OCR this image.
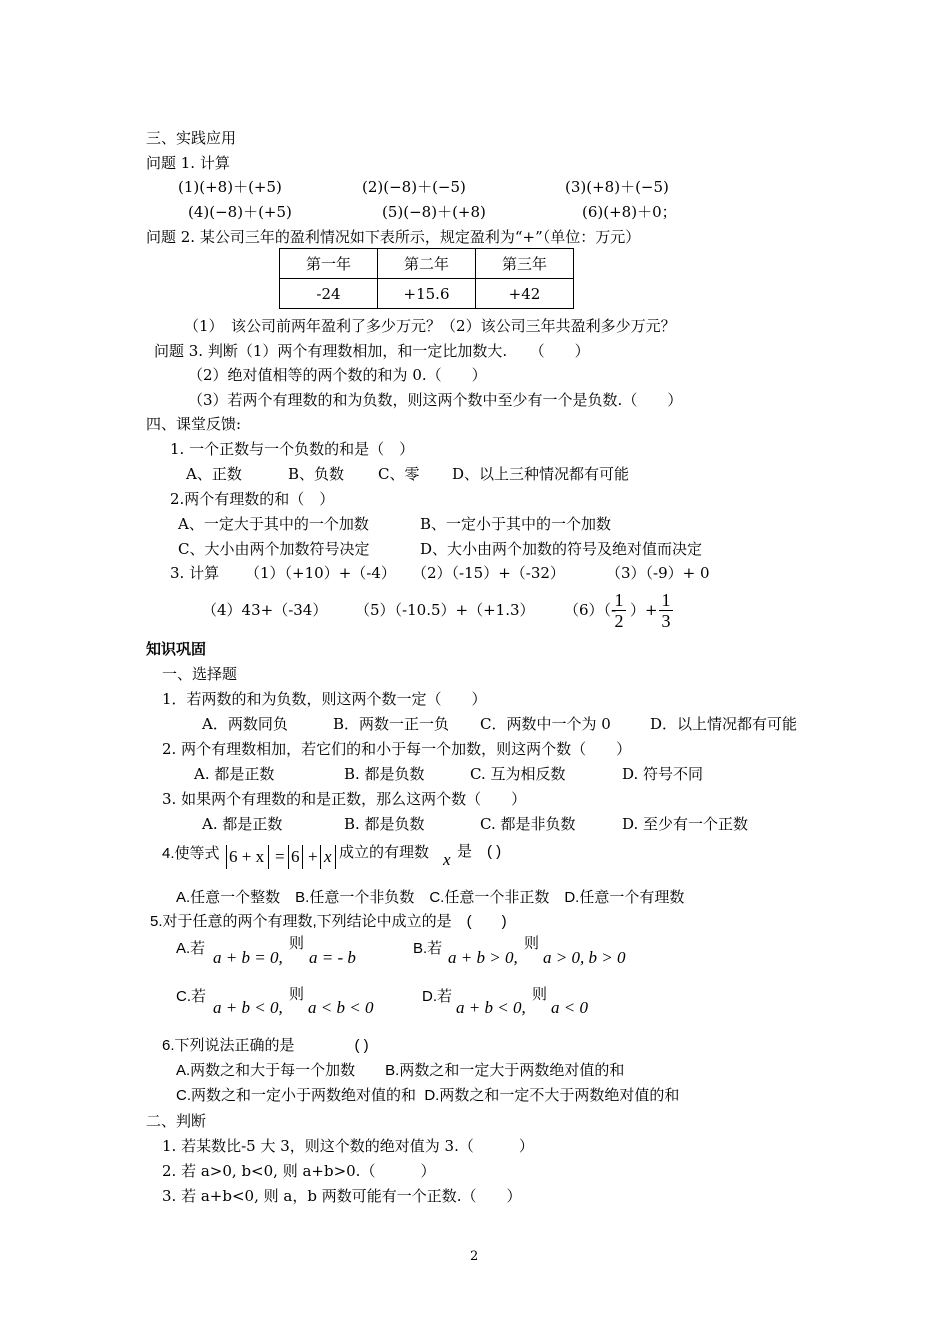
三、实践应用
问题 1. 计算
(1)(+8)＋(+5)	(2)(−8)＋(−5)	(3)(+8)＋(−5)
(4)(−8)＋(+5)	(5)(−8)＋(+8)	(6)(+8)＋0；
问题 2. 某公司三年的盈利情况如下表所示，规定盈利为“+”（单位：万元）
第一年	第二年	第三年
-24	+15.6	+42
（1）　该公司前两年盈利了多少万元？（2）该公司三年共盈利多少万元？
问题 3. 判断（1）两个有理数相加，和一定比加数大.　　（　　）
（2）绝对值相等的两个数的和为 0.（　　）
（3）若两个有理数的和为负数，则这两个数中至少有一个是负数.（　　）
四、课堂反馈:
1. 一个正数与一个负数的和是（　）
A、正数	B、负数 C、零 D、以上三种情况都有可能
2.两个有理数的和（　）
A、一定大于其中的一个加数	B、一定小于其中的一个加数
C、大小由两个加数符号决定	D、大小由两个加数的符号及绝对值而决定
3. 计算 （1）（+10）+（-4） （2）（-15）+（-32）	（3）（-9）+ 0
（4）43+（-34） （5）（-10.5）+（+1.3） （6）（-
$\frac{1}{2}$ ）+ $\frac{1}{3}$
知识巩固
一、选择题
1．若两数的和为负数，则这两个数一定（　　）
A．两数同负	B．两数一正一负 C．两数中一个为 0	D．以上情况都有可能
2. 两个有理数相加，若它们的和小于每一个加数，则这两个数（　　）
A. 都是正数	B. 都是负数	C. 互为相反数	D. 符号不同
3. 如果两个有理数的和是正数，那么这两个数（　　）
A. 都是正数	B. 都是负数	C. 都是非负数	D. 至少有一个正数
4.使等式 6 + x = 6 + x 成立的有理数 x 是　( )
A.任意一个整数　B.任意一个非负数　C.任意一个非正数　D.任意一个有理数
5.对于任意的两个有理数,下列结论中成立的是　(　　)
A.若 a + b = 0,
则
a = - b	B.若 a + b > 0,
则
a > 0, b > 0
C.若
a + b < 0,
则
a < b < 0
D.若
a + b < 0,
则
a < 0
6.下列说法正确的是　　　　( )
A.两数之和大于每一个加数　　B.两数之和一定大于两数绝对值的和
C.两数之和一定小于两数绝对值的和  D.两数之和一定不大于两数绝对值的和
二、判断
1. 若某数比-5 大 3，则这个数的绝对值为 3.（　　　）
2. 若 a>0, b<0, 则 a+b>0.（　　　）
3. 若 a+b<0, 则 a，b 两数可能有一个正数.（　　）
2
